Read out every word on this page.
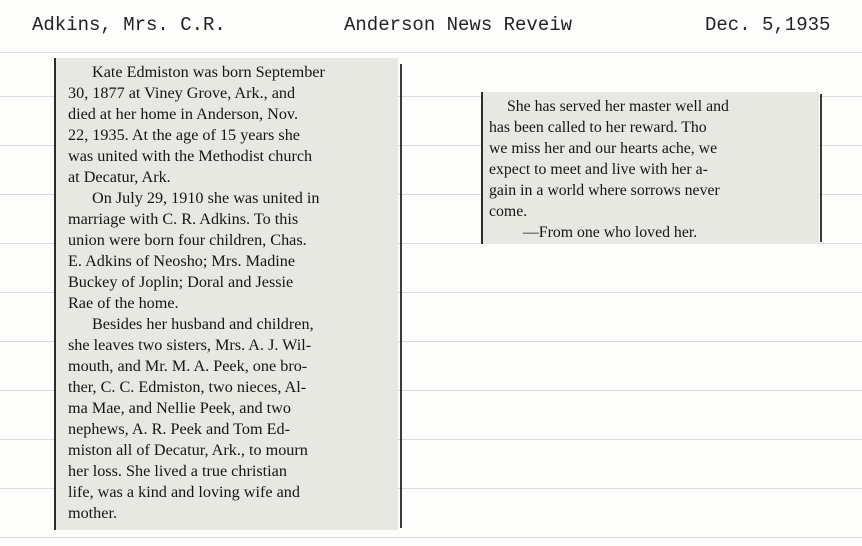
Adkins, Mrs. C.R.	Anderson News Reveiw	Dec. 5,1935
Kate Edmiston was born September
30, 1877 at Viney Grove, Ark., and
died at her home in Anderson, Nov.
22, 1935. At the age of 15 years she
was united with the Methodist church
at Decatur, Ark.
On July 29, 1910 she was united in
marriage with C. R. Adkins. To this
union were born four children, Chas.
E. Adkins of Neosho; Mrs. Madine
Buckey of Joplin; Doral and Jessie
Rae of the home.
Besides her husband and children,
she leaves two sisters, Mrs. A. J. Wil-
mouth, and Mr. M. A. Peek, one bro-
ther, C. C. Edmiston, two nieces, Al-
ma Mae, and Nellie Peek, and two
nephews, A. R. Peek and Tom Ed-
miston all of Decatur, Ark., to mourn
her loss. She lived a true christian
life, was a kind and loving wife and
mother.
She has served her master well and
has been called to her reward. Tho
we miss her and our hearts ache, we
expect to meet and live with her a-
gain in a world where sorrows never
come.
—From one who loved her.
